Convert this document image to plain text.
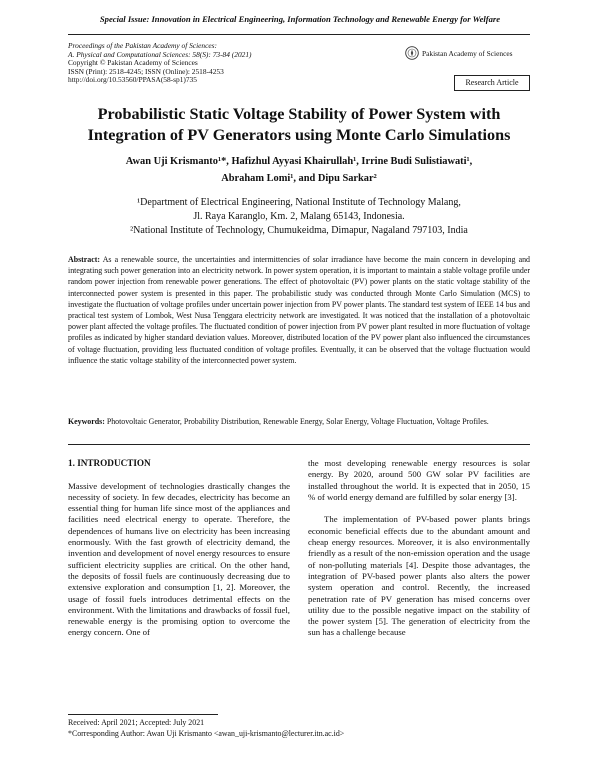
Special Issue: Innovation in Electrical Engineering, Information Technology and Renewable Energy for Welfare
Proceedings of the Pakistan Academy of Sciences:
A. Physical and Computational Sciences: 58(S): 73-84 (2021)
Copyright © Pakistan Academy of Sciences
ISSN (Print): 2518-4245; ISSN (Online): 2518-4253
http://doi.org/10.53560/PPASA(58-sp1)735
Pakistan Academy of Sciences
Research Article
Probabilistic Static Voltage Stability of Power System with
Integration of PV Generators using Monte Carlo Simulations
Awan Uji Krismanto¹*, Hafizhul Ayyasi Khairullah¹, Irrine Budi Sulistiawati¹,
Abraham Lomi¹, and Dipu Sarkar²
¹Department of Electrical Engineering, National Institute of Technology Malang,
Jl. Raya Karanglo, Km. 2, Malang 65143, Indonesia.
²National Institute of Technology, Chumukeidma, Dimapur, Nagaland 797103, India
Abstract: As a renewable source, the uncertainties and intermittencies of solar irradiance have become the main concern in developing and integrating such power generation into an electricity network. In power system operation, it is important to maintain a stable voltage profile under random power injection from renewable power generations. The effect of photovoltaic (PV) power plants on the static voltage stability of the interconnected power system is presented in this paper. The probabilistic study was conducted through Monte Carlo Simulation (MCS) to investigate the fluctuation of voltage profiles under uncertain power injection from PV power plants. The standard test system of IEEE 14 bus and practical test system of Lombok, West Nusa Tenggara electricity network are investigated. It was noticed that the installation of a photovoltaic power plant affected the voltage profiles. The fluctuated condition of power injection from PV power plant resulted in more fluctuation of voltage profiles as indicated by higher standard deviation values. Moreover, distributed location of the PV power plant also influenced the circumstances of voltage fluctuation, providing less fluctuated condition of voltage profiles. Eventually, it can be observed that the voltage fluctuation would influence the static voltage stability of the interconnected power system.
Keywords: Photovoltaic Generator, Probability Distribution, Renewable Energy, Solar Energy, Voltage Fluctuation, Voltage Profiles.

1. INTRODUCTION

Massive development of technologies drastically changes the necessity of society. In few decades, electricity has become an essential thing for human life since most of the appliances and facilities need electrical energy to operate. Therefore, the dependences of humans live on electricity has been increasing enormously. With the fast growth of electricity demand, the invention and development of novel energy resources to ensure sufficient electricity supplies are critical. On the other hand, the deposits of fossil fuels are continuously decreasing due to extensive exploration and consumption [1, 2]. Moreover, the usage of fossil fuels introduces detrimental effects on the environment. With the limitations and drawbacks of fossil fuel, renewable energy is the promising option to overcome the energy concern. One of

the most developing renewable energy resources is solar energy. By 2020, around 500 GW solar PV facilities are installed throughout the world. It is expected that in 2050, 15 % of world energy demand are fulfilled by solar energy [3].

The implementation of PV-based power plants brings economic beneficial effects due to the abundant amount and cheap energy resources. Moreover, it is also environmentally friendly as a result of the non-emission operation and the usage of non-polluting materials [4]. Despite those advantages, the integration of PV-based power plants also alters the power system operation and control. Recently, the increased penetration rate of PV generation has mised concerns over utility due to the possible negative impact on the stability of the power system [5]. The generation of electricity from the sun has a challenge because

Received: April 2021; Accepted: July 2021
*Corresponding Author: Awan Uji Krismanto <awan_uji-krismanto@lecturer.itn.ac.id>
